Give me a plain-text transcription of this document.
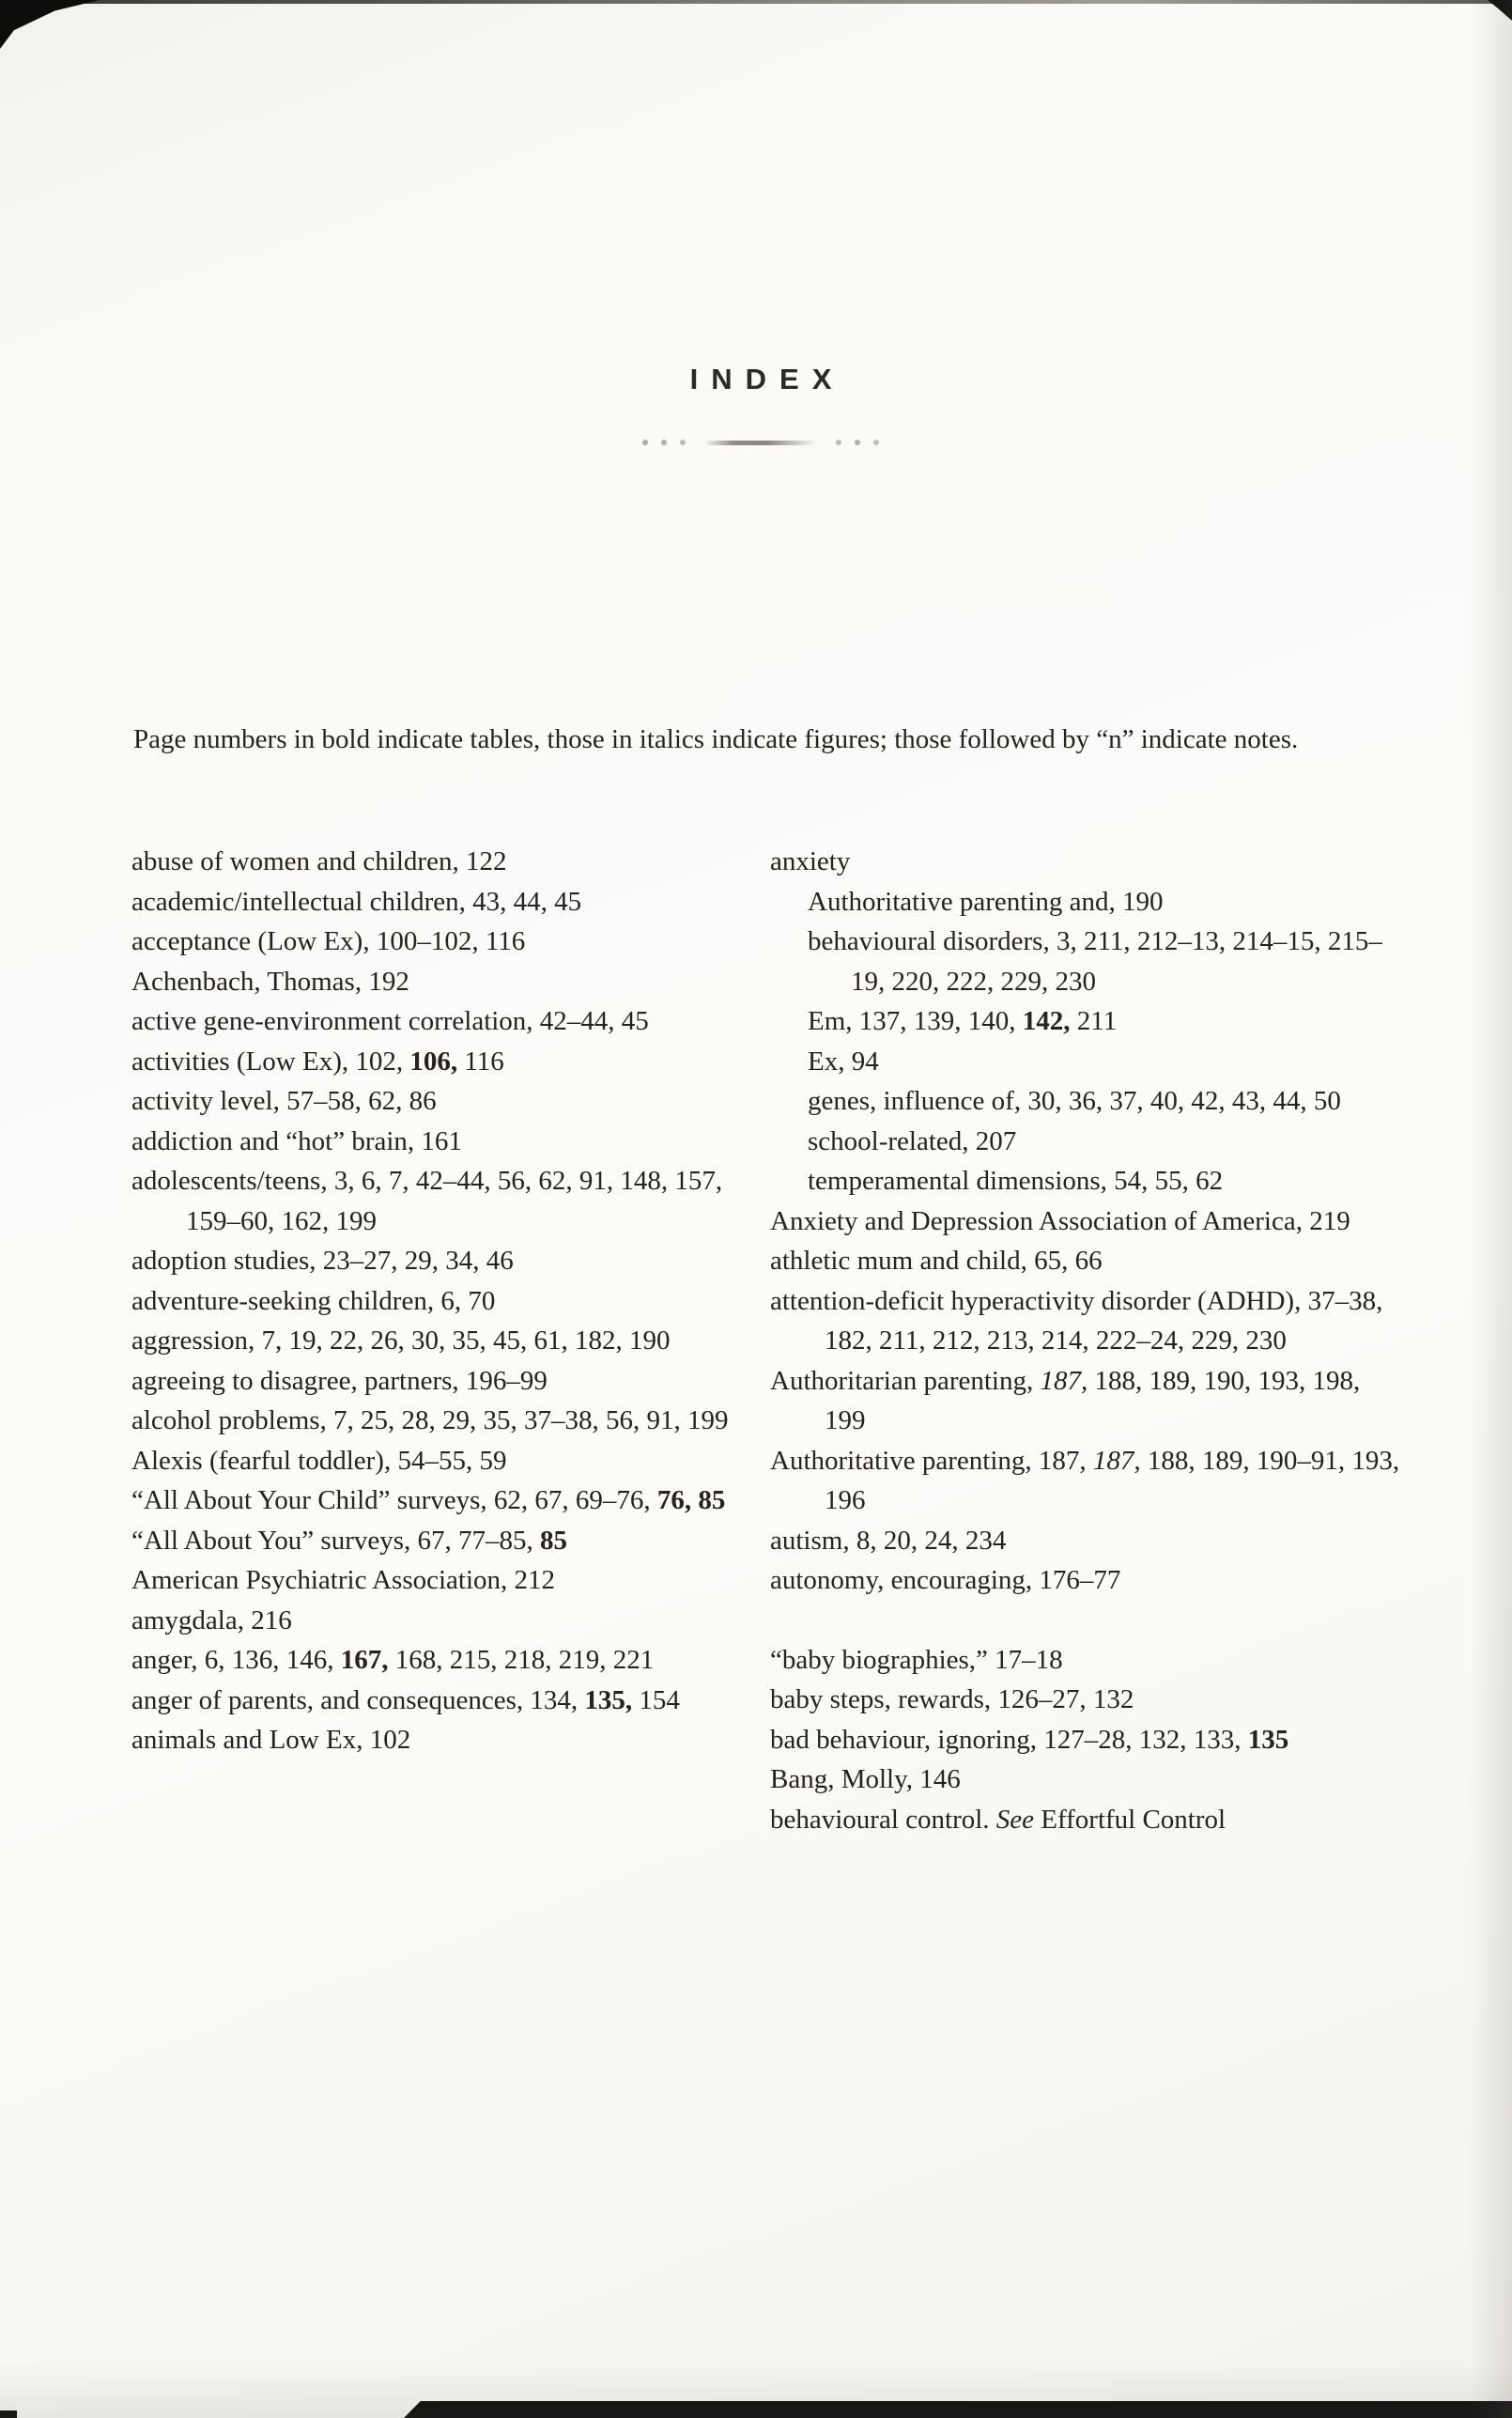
INDEX

Page numbers in bold indicate tables, those in italics indicate figures; those followed by “n” indicate notes.

abuse of women and children, 122
academic/intellectual children, 43, 44, 45
acceptance (Low Ex), 100–102, 116
Achenbach, Thomas, 192
active gene-environment correlation, 42–44, 45
activities (Low Ex), 102, 106, 116
activity level, 57–58, 62, 86
addiction and “hot” brain, 161
adolescents/teens, 3, 6, 7, 42–44, 56, 62, 91, 148, 157, 159–60, 162, 199
adoption studies, 23–27, 29, 34, 46
adventure-seeking children, 6, 70
aggression, 7, 19, 22, 26, 30, 35, 45, 61, 182, 190
agreeing to disagree, partners, 196–99
alcohol problems, 7, 25, 28, 29, 35, 37–38, 56, 91, 199
Alexis (fearful toddler), 54–55, 59
“All About Your Child” surveys, 62, 67, 69–76, 76, 85
“All About You” surveys, 67, 77–85, 85
American Psychiatric Association, 212
amygdala, 216
anger, 6, 136, 146, 167, 168, 215, 218, 219, 221
anger of parents, and consequences, 134, 135, 154
animals and Low Ex, 102
anxiety
Authoritative parenting and, 190
behavioural disorders, 3, 211, 212–13, 214–15, 215–19, 220, 222, 229, 230
Em, 137, 139, 140, 142, 211
Ex, 94
genes, influence of, 30, 36, 37, 40, 42, 43, 44, 50
school-related, 207
temperamental dimensions, 54, 55, 62
Anxiety and Depression Association of America, 219
athletic mum and child, 65, 66
attention-deficit hyperactivity disorder (ADHD), 37–38, 182, 211, 212, 213, 214, 222–24, 229, 230
Authoritarian parenting, 187, 188, 189, 190, 193, 198, 199
Authoritative parenting, 187, 187, 188, 189, 190–91, 193, 196
autism, 8, 20, 24, 234
autonomy, encouraging, 176–77
“baby biographies,” 17–18
baby steps, rewards, 126–27, 132
bad behaviour, ignoring, 127–28, 132, 133, 135
Bang, Molly, 146
behavioural control. See Effortful Control
